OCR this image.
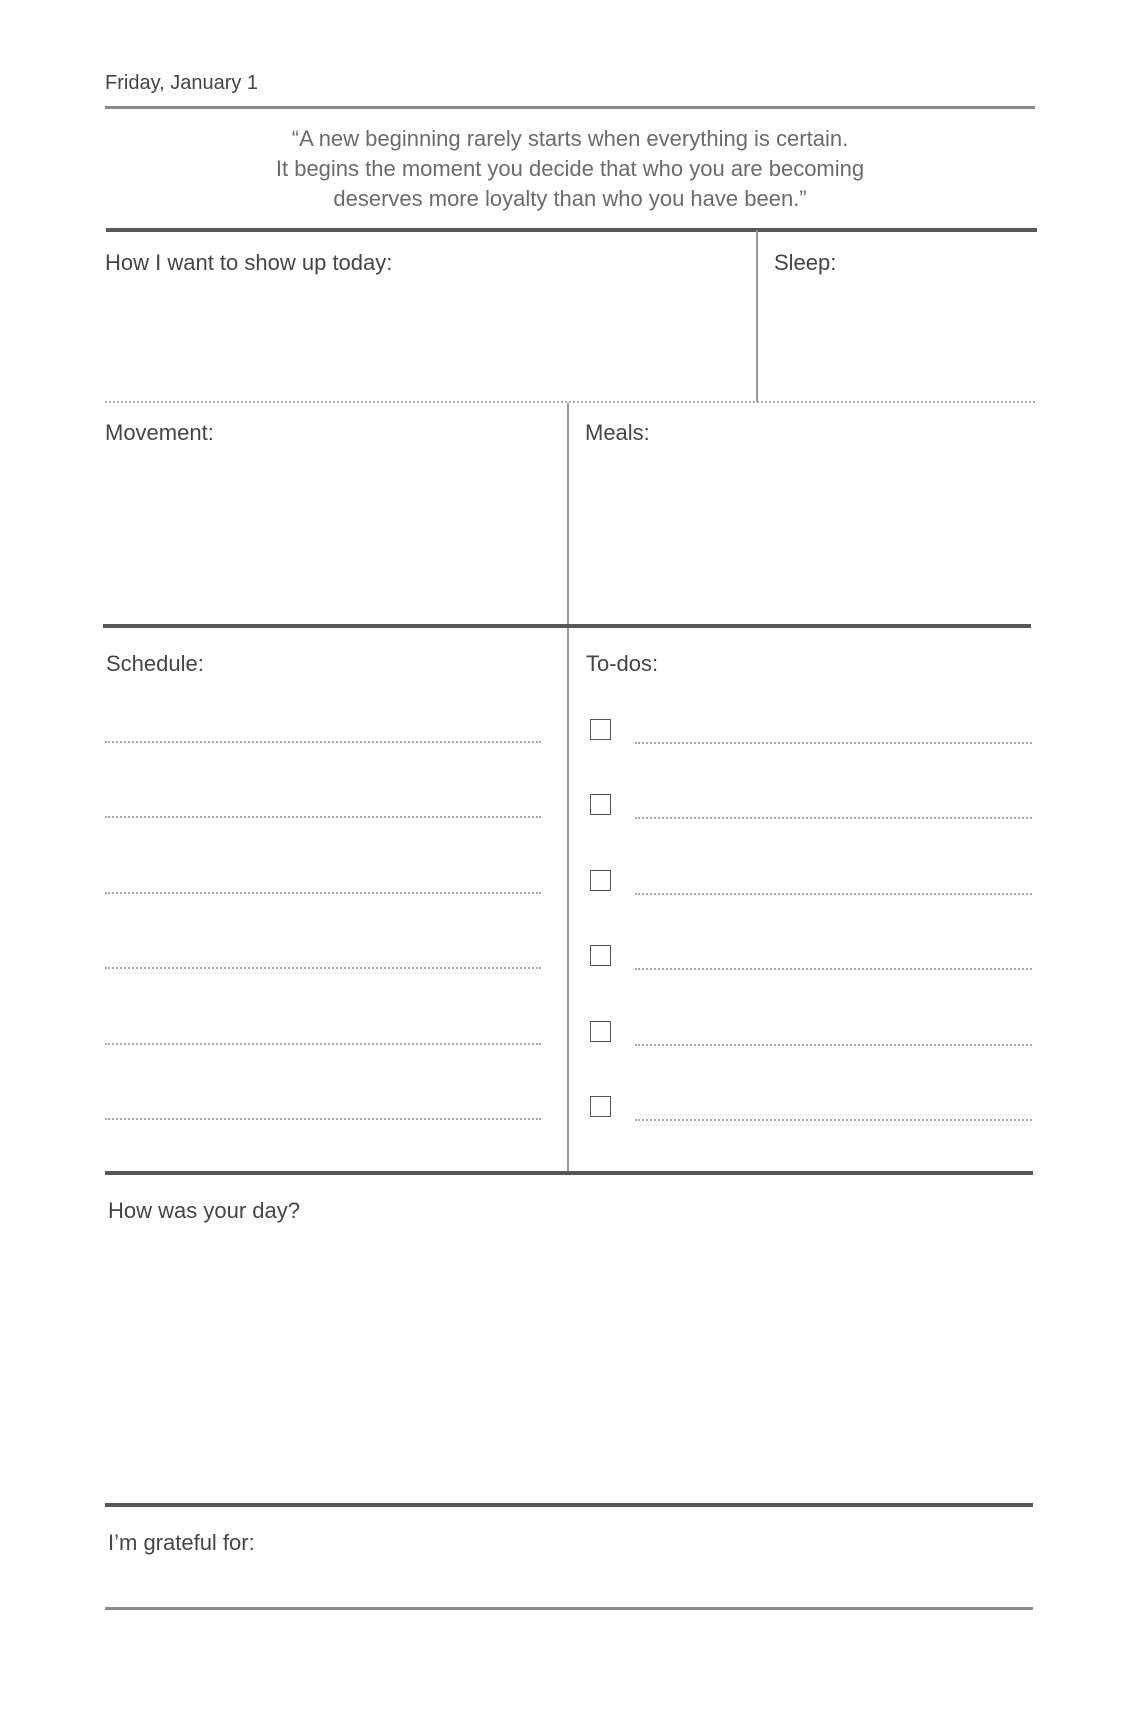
Friday, January 1
“A new beginning rarely starts when everything is certain.
It begins the moment you decide that who you are becoming
deserves more loyalty than who you have been.”
How I want to show up today:	Sleep:
Movement:	Meals:
Schedule:	To-dos:
How was your day?
I’m grateful for:
